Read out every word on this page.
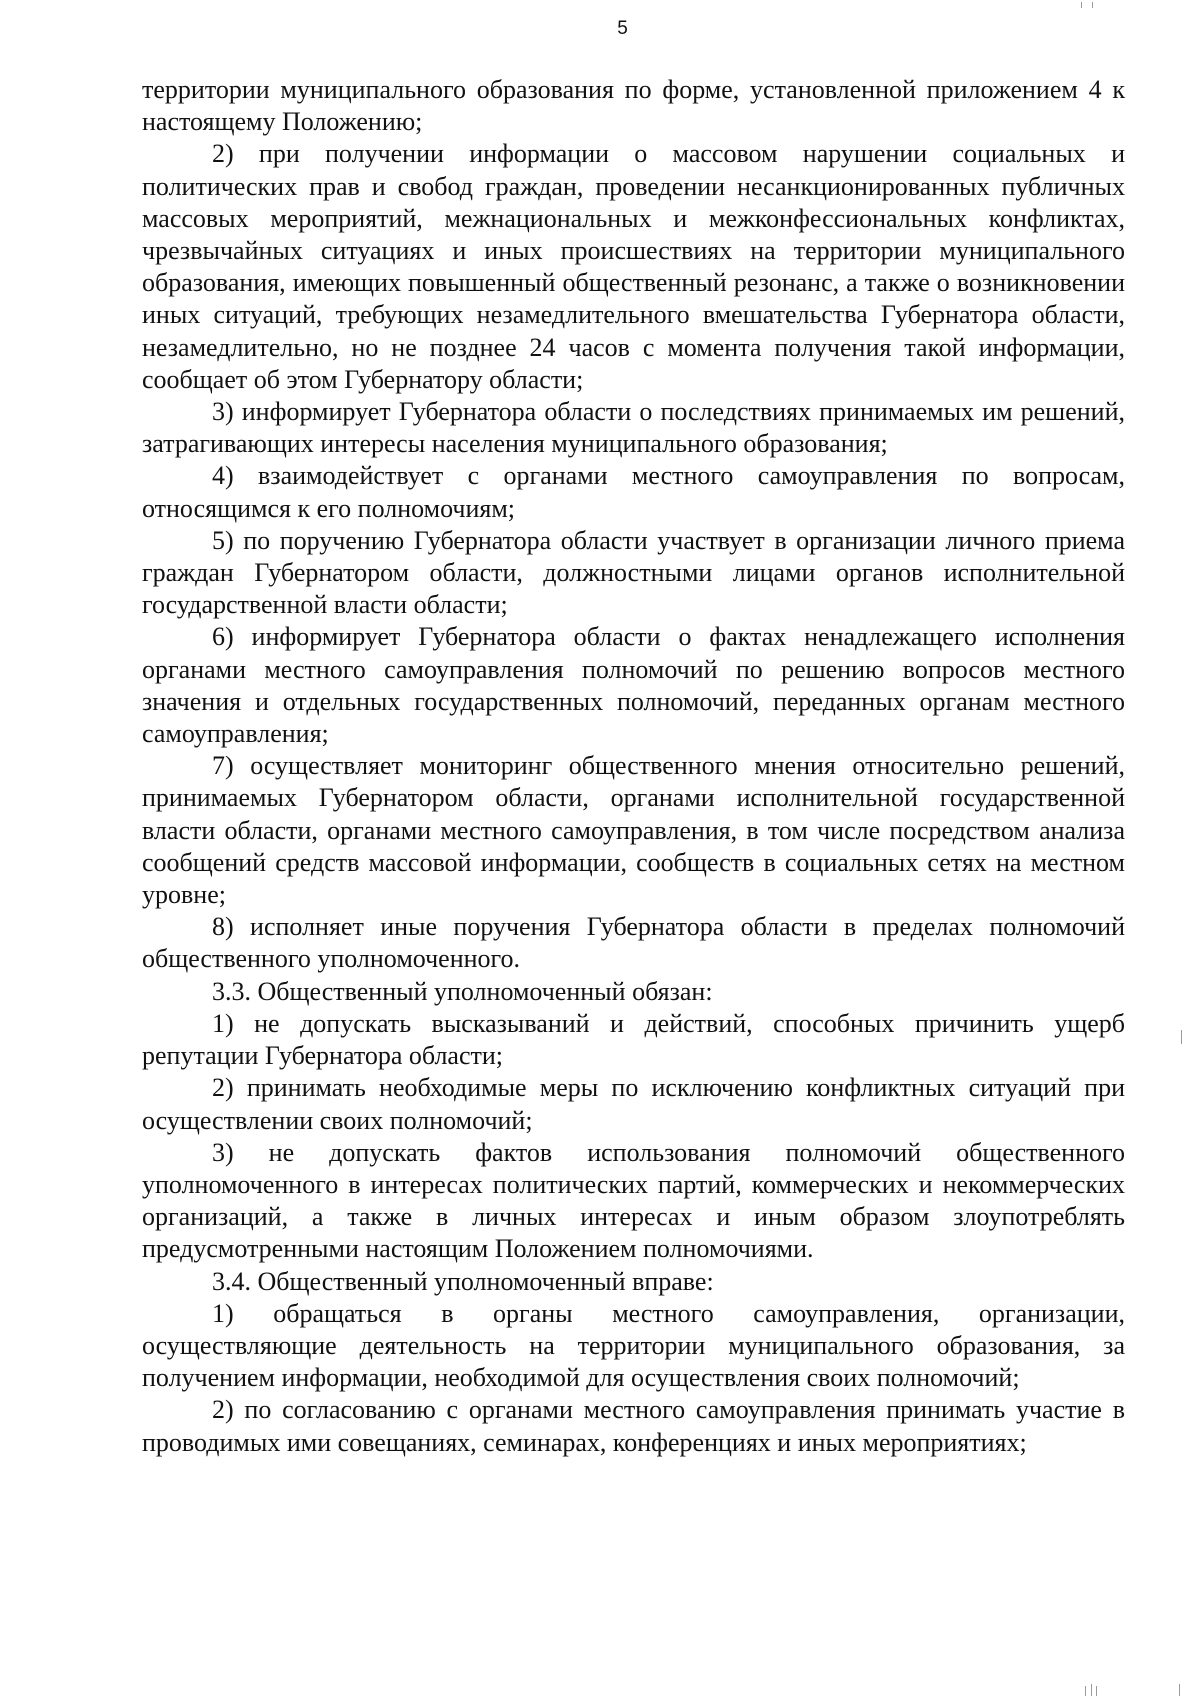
5

территории муниципального образования по форме, установленной приложением 4 к настоящему Положению;

2) при получении информации о массовом нарушении социальных и политических прав и свобод граждан, проведении несанкционированных публичных массовых мероприятий, межнациональных и межконфессиональных конфликтах, чрезвычайных ситуациях и иных происшествиях на территории муниципального образования, имеющих повышенный общественный резонанс, а также о возникновении иных ситуаций, требующих незамедлительного вмешательства Губернатора области, незамедлительно, но не позднее 24 часов с момента получения такой информации, сообщает об этом Губернатору области;

3) информирует Губернатора области о последствиях принимаемых им решений, затрагивающих интересы населения муниципального образования;

4) взаимодействует с органами местного самоуправления по вопросам, относящимся к его полномочиям;

5) по поручению Губернатора области участвует в организации личного приема граждан Губернатором области, должностными лицами органов исполнительной государственной власти области;

6) информирует Губернатора области о фактах ненадлежащего исполнения органами местного самоуправления полномочий по решению вопросов местного значения и отдельных государственных полномочий, переданных органам местного самоуправления;

7) осуществляет мониторинг общественного мнения относительно решений, принимаемых Губернатором области, органами исполнительной государственной власти области, органами местного самоуправления, в том числе посредством анализа сообщений средств массовой информации, сообществ в социальных сетях на местном уровне;

8) исполняет иные поручения Губернатора области в пределах полномочий общественного уполномоченного.

3.3. Общественный уполномоченный обязан:

1) не допускать высказываний и действий, способных причинить ущерб репутации Губернатора области;

2) принимать необходимые меры по исключению конфликтных ситуаций при осуществлении своих полномочий;

3) не допускать фактов использования полномочий общественного уполномоченного в интересах политических партий, коммерческих и некоммерческих организаций, а также в личных интересах и иным образом злоупотреблять предусмотренными настоящим Положением полномочиями.

3.4. Общественный уполномоченный вправе:

1) обращаться в органы местного самоуправления, организации, осуществляющие деятельность на территории муниципального образования, за получением информации, необходимой для осуществления своих полномочий;

2) по согласованию с органами местного самоуправления принимать участие в проводимых ими совещаниях, семинарах, конференциях и иных мероприятиях;
